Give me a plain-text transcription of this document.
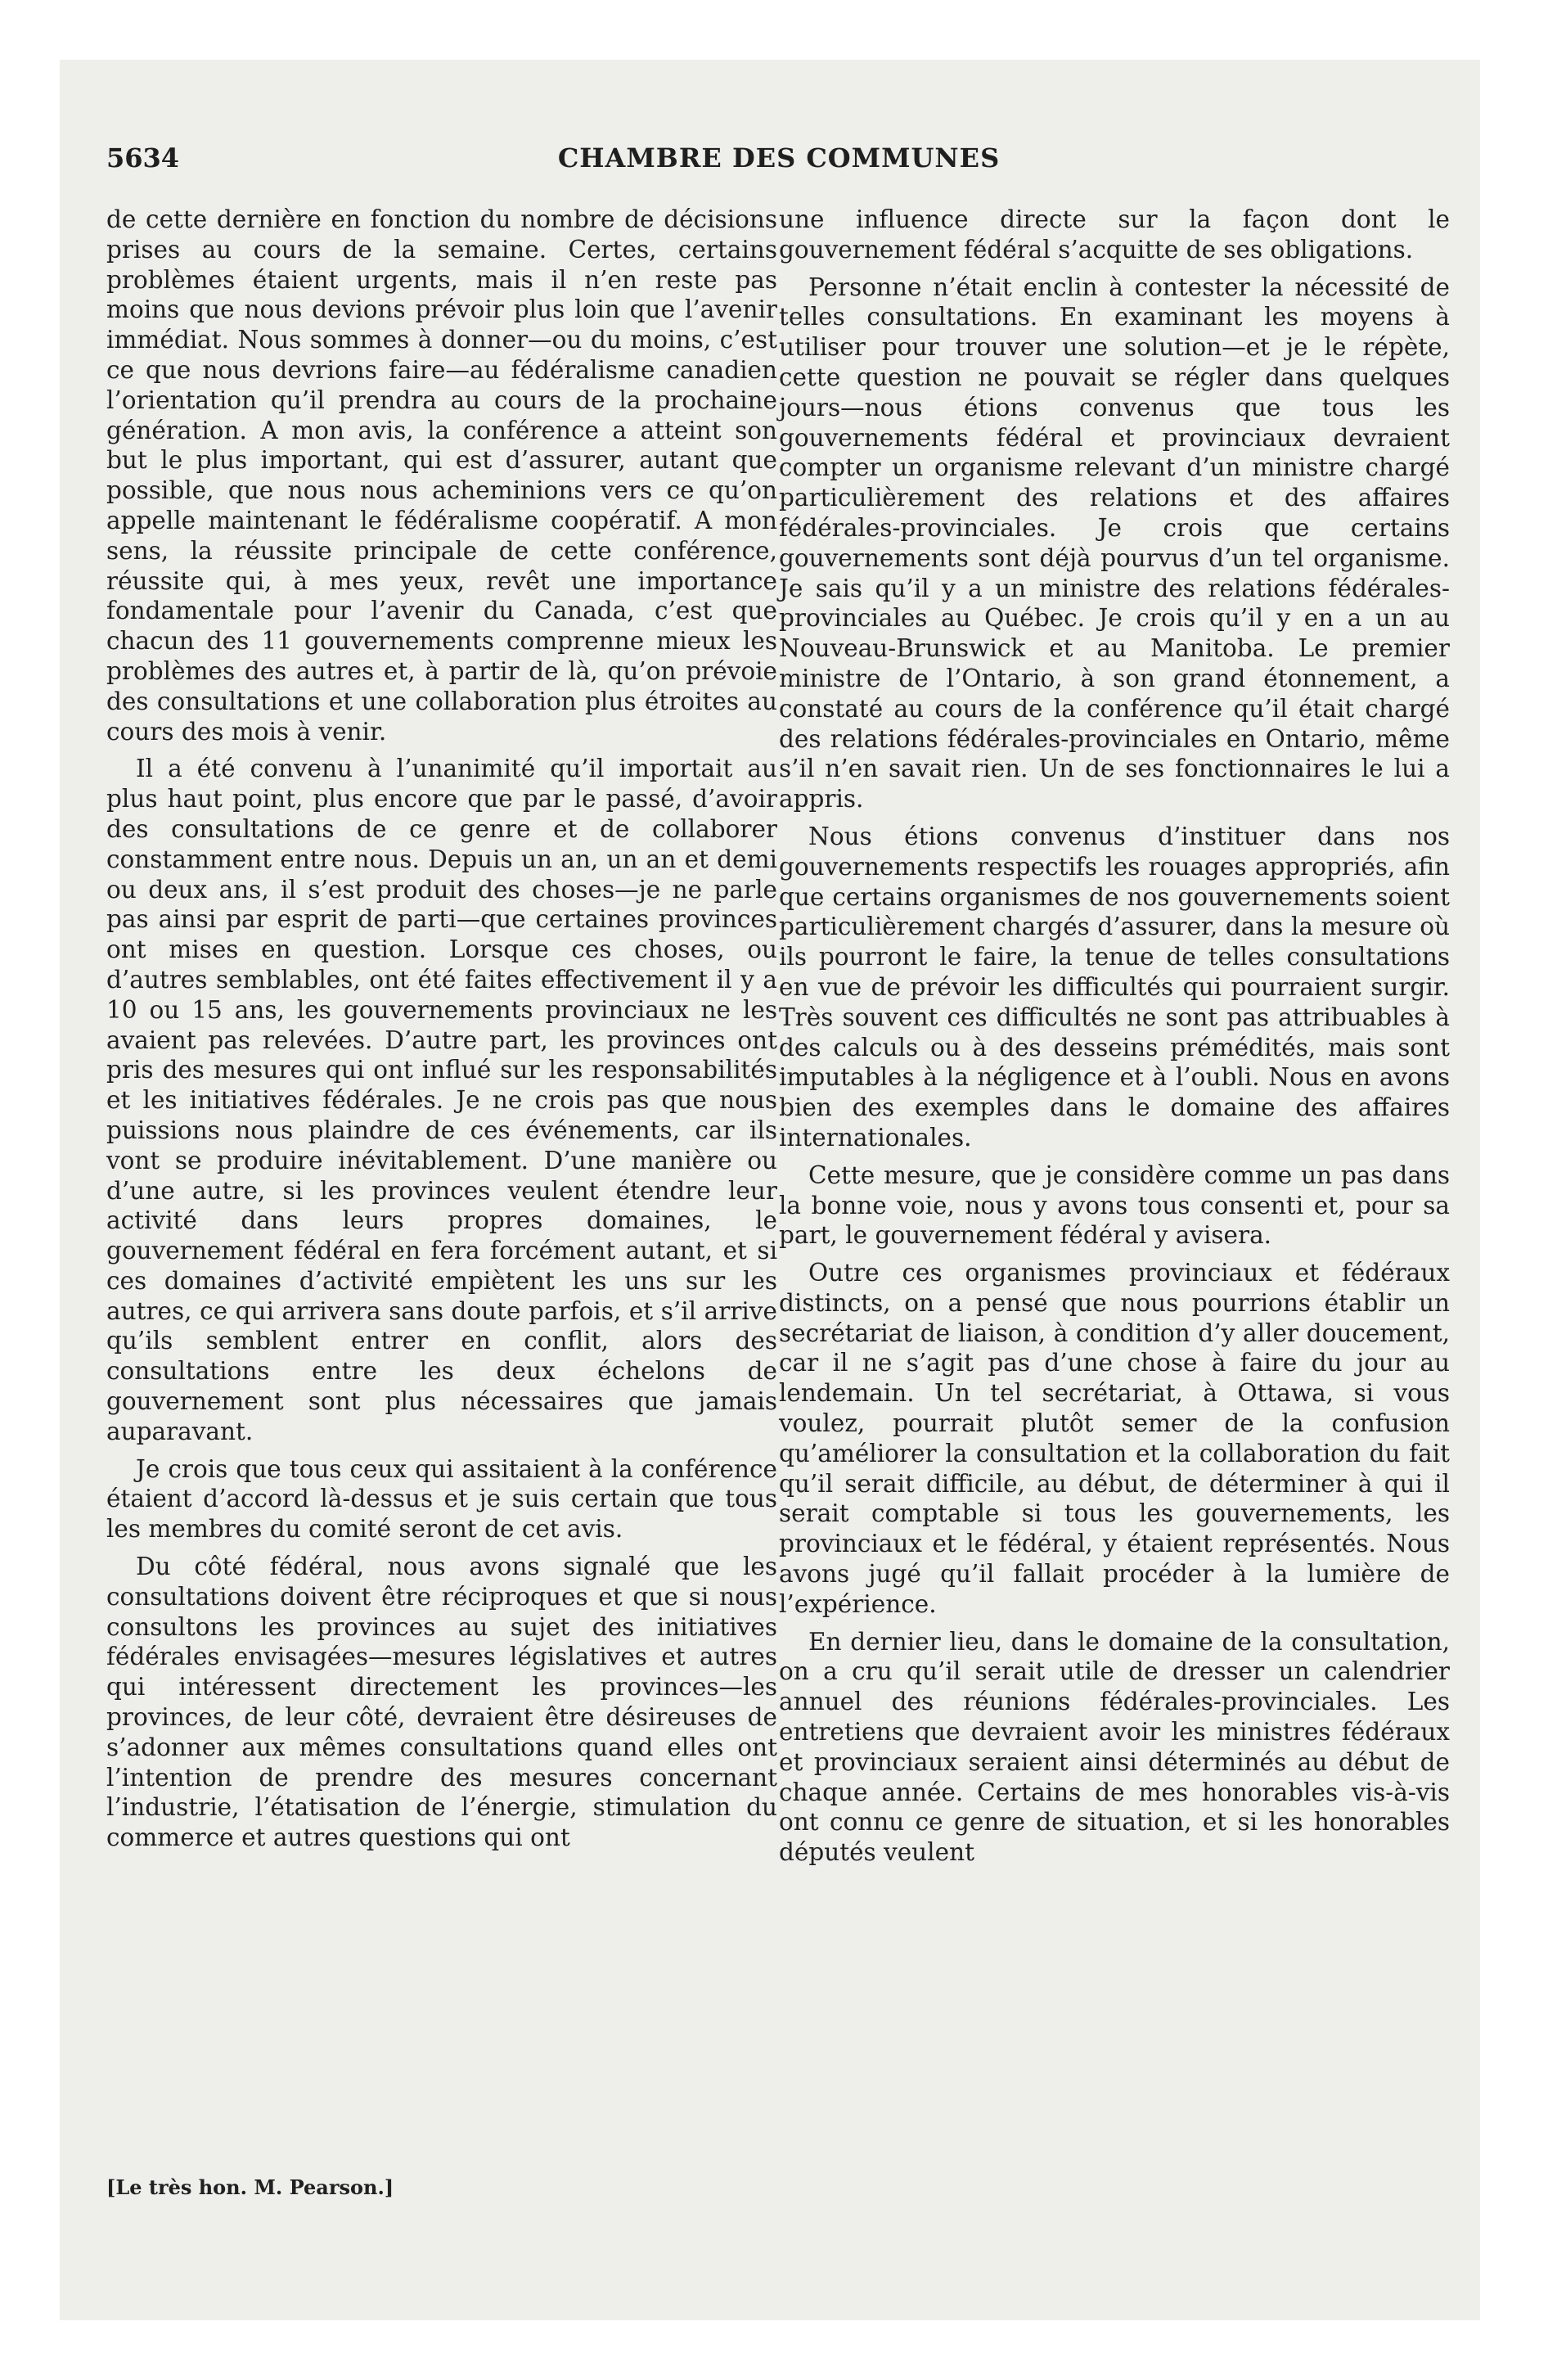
5634	CHAMBRE DES COMMUNES

de cette dernière en fonction du nombre de décisions prises au cours de la semaine. Certes, certains problèmes étaient urgents, mais il n’en reste pas moins que nous devions prévoir plus loin que l’avenir immédiat. Nous sommes à donner—ou du moins, c’est ce que nous devrions faire—au fédéralisme canadien l’orientation qu’il prendra au cours de la prochaine génération. A mon avis, la conférence a atteint son but le plus important, qui est d’assurer, autant que possible, que nous nous acheminions vers ce qu’on appelle maintenant le fédéralisme coopératif. A mon sens, la réussite principale de cette conférence, réussite qui, à mes yeux, revêt une importance fondamentale pour l’avenir du Canada, c’est que chacun des 11 gouvernements comprenne mieux les problèmes des autres et, à partir de là, qu’on prévoie des consultations et une collaboration plus étroites au cours des mois à venir.

Il a été convenu à l’unanimité qu’il importait au plus haut point, plus encore que par le passé, d’avoir des consultations de ce genre et de collaborer constamment entre nous. Depuis un an, un an et demi ou deux ans, il s’est produit des choses—je ne parle pas ainsi par esprit de parti—que certaines provinces ont mises en question. Lorsque ces choses, ou d’autres semblables, ont été faites effectivement il y a 10 ou 15 ans, les gouvernements provinciaux ne les avaient pas relevées. D’autre part, les provinces ont pris des mesures qui ont influé sur les responsabilités et les initiatives fédérales. Je ne crois pas que nous puissions nous plaindre de ces événements, car ils vont se produire inévitablement. D’une manière ou d’une autre, si les provinces veulent étendre leur activité dans leurs propres domaines, le gouvernement fédéral en fera forcément autant, et si ces domaines d’activité empiètent les uns sur les autres, ce qui arrivera sans doute parfois, et s’il arrive qu’ils semblent entrer en conflit, alors des consultations entre les deux échelons de gouvernement sont plus nécessaires que jamais auparavant.

Je crois que tous ceux qui assitaient à la conférence étaient d’accord là-dessus et je suis certain que tous les membres du comité seront de cet avis.

Du côté fédéral, nous avons signalé que les consultations doivent être réciproques et que si nous consultons les provinces au sujet des initiatives fédérales envisagées—mesures législatives et autres qui intéressent directement les provinces—les provinces, de leur côté, devraient être désireuses de s’adonner aux mêmes consultations quand elles ont l’intention de prendre des mesures concernant l’industrie, l’étatisation de l’énergie, stimulation du commerce et autres questions qui ont

une influence directe sur la façon dont le gouvernement fédéral s’acquitte de ses obligations.

Personne n’était enclin à contester la nécessité de telles consultations. En examinant les moyens à utiliser pour trouver une solution—et je le répète, cette question ne pouvait se régler dans quelques jours—nous étions convenus que tous les gouvernements fédéral et provinciaux devraient compter un organisme relevant d’un ministre chargé particulièrement des relations et des affaires fédérales-provinciales. Je crois que certains gouvernements sont déjà pourvus d’un tel organisme. Je sais qu’il y a un ministre des relations fédérales-provinciales au Québec. Je crois qu’il y en a un au Nouveau-Brunswick et au Manitoba. Le premier ministre de l’Ontario, à son grand étonnement, a constaté au cours de la conférence qu’il était chargé des relations fédérales-provinciales en Ontario, même s’il n’en savait rien. Un de ses fonctionnaires le lui a appris.

Nous étions convenus d’instituer dans nos gouvernements respectifs les rouages appropriés, afin que certains organismes de nos gouvernements soient particulièrement chargés d’assurer, dans la mesure où ils pourront le faire, la tenue de telles consultations en vue de prévoir les difficultés qui pourraient surgir. Très souvent ces difficultés ne sont pas attribuables à des calculs ou à des desseins prémédités, mais sont imputables à la négligence et à l’oubli. Nous en avons bien des exemples dans le domaine des affaires internationales.

Cette mesure, que je considère comme un pas dans la bonne voie, nous y avons tous consenti et, pour sa part, le gouvernement fédéral y avisera.

Outre ces organismes provinciaux et fédéraux distincts, on a pensé que nous pourrions établir un secrétariat de liaison, à condition d’y aller doucement, car il ne s’agit pas d’une chose à faire du jour au lendemain. Un tel secrétariat, à Ottawa, si vous voulez, pourrait plutôt semer de la confusion qu’améliorer la consultation et la collaboration du fait qu’il serait difficile, au début, de déterminer à qui il serait comptable si tous les gouvernements, les provinciaux et le fédéral, y étaient représentés. Nous avons jugé qu’il fallait procéder à la lumière de l’expérience.

En dernier lieu, dans le domaine de la consultation, on a cru qu’il serait utile de dresser un calendrier annuel des réunions fédérales-provinciales. Les entretiens que devraient avoir les ministres fédéraux et provinciaux seraient ainsi déterminés au début de chaque année. Certains de mes honorables vis-à-vis ont connu ce genre de situation, et si les honorables députés veulent

[Le très hon. M. Pearson.]
